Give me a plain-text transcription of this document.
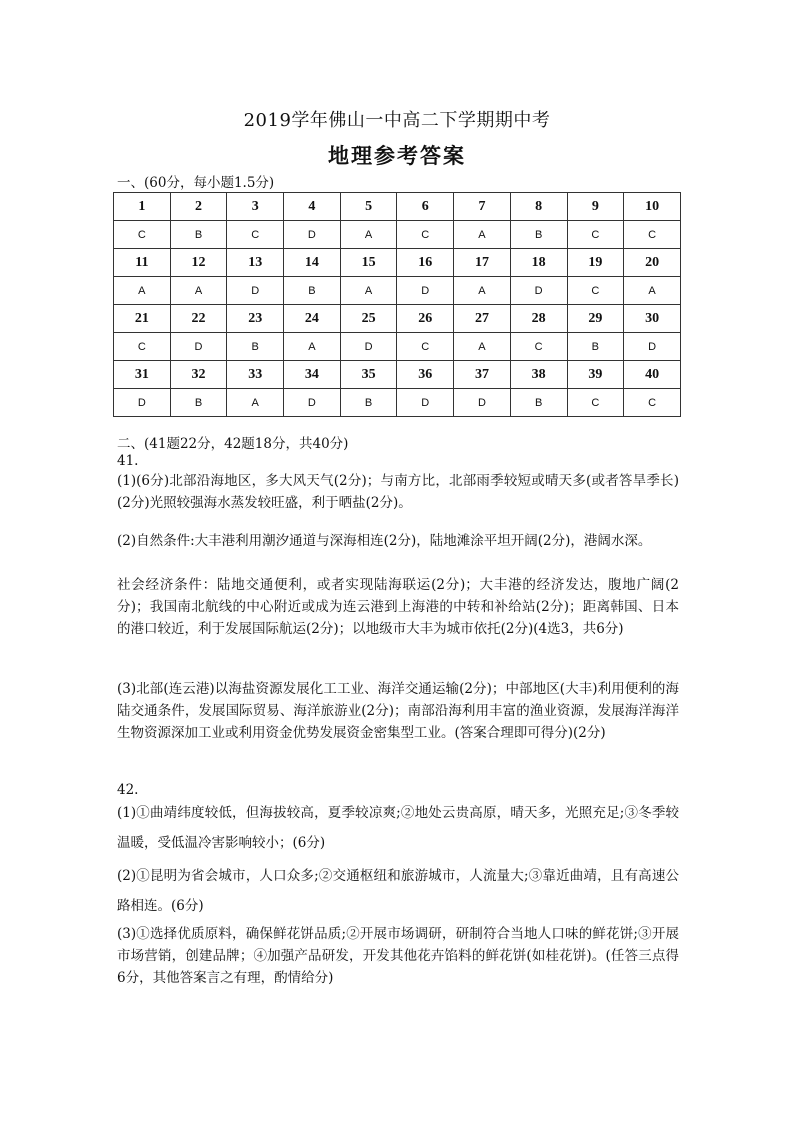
2019学年佛山一中高二下学期期中考
地理参考答案
一、(60分，每小题1.5分)
1	2	3	4	5	6	7	8	9	10
C	B	C	D	A	C	A	B	C	C
11	12	13	14	15	16	17	18	19	20
A	A	D	B	A	D	A	D	C	A
21	22	23	24	25	26	27	28	29	30
C	D	B	A	D	C	A	C	B	D
31	32	33	34	35	36	37	38	39	40
D	B	A	D	B	D	D	B	C	C
二、(41题22分，42题18分，共40分)
41.
(1)(6分)北部沿海地区，多大风天气(2分)；与南方比，北部雨季较短或晴天多(或者答旱季长)(2分)光照较强海水蒸发较旺盛，利于晒盐(2分)。
(2)自然条件:大丰港利用潮汐通道与深海相连(2分)，陆地滩涂平坦开阔(2分)，港阔水深。
社会经济条件：陆地交通便利，或者实现陆海联运(2分)；大丰港的经济发达，腹地广阔(2分)；我国南北航线的中心附近或成为连云港到上海港的中转和补给站(2分)；距离韩国、日本的港口较近，利于发展国际航运(2分)；以地级市大丰为城市依托(2分)(4选3，共6分)
(3)北部(连云港)以海盐资源发展化工工业、海洋交通运输(2分)；中部地区(大丰)利用便利的海陆交通条件，发展国际贸易、海洋旅游业(2分)；南部沿海利用丰富的渔业资源，发展海洋海洋生物资源深加工业或利用资金优势发展资金密集型工业。(答案合理即可得分)(2分)
42.
(1)①曲靖纬度较低，但海拔较高，夏季较凉爽;②地处云贵高原，晴天多，光照充足;③冬季较温暖，受低温冷害影响较小；(6分)
(2)①昆明为省会城市，人口众多;②交通枢纽和旅游城市，人流量大;③靠近曲靖，且有高速公路相连。(6分)
(3)①选择优质原料，确保鲜花饼品质;②开展市场调研，研制符合当地人口味的鲜花饼;③开展市场营销，创建品牌；④加强产品研发，开发其他花卉馅料的鲜花饼(如桂花饼)。(任答三点得6分，其他答案言之有理，酌情给分)
